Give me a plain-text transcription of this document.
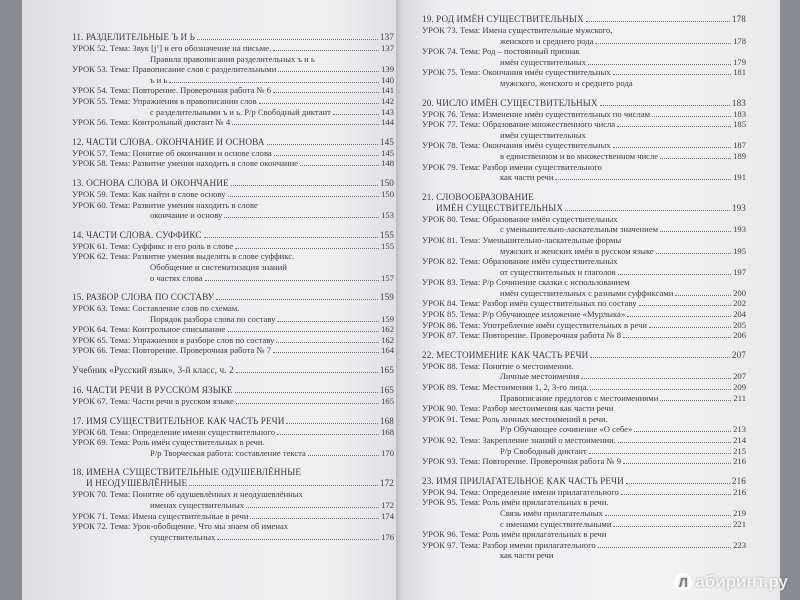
11. РАЗДЕЛИТЕЛЬНЫЕ Ъ И Ь	137
УРОК 52. Тема: Звук [j’] и его обозначение на письме.	137
Правила правописания разделительных ъ и ь
УРОК 53. Тема: Правописание слов с разделительными	139
ъ и ь	140
УРОК 54. Тема: Повторение. Проверочная работа № 6	141
УРОК 55. Тема: Упражнения в правописании слов	142
с разделительными ъ и ь. Р/р Свободный диктант	143
УРОК 56. Тема: Контрольный диктант № 4	144
12. ЧАСТИ СЛОВА. ОКОНЧАНИЕ И ОСНОВА	145
УРОК 57. Тема: Понятие об окончании и основе слова	145
УРОК 58. Тема: Развитие умения находить в слове окончание	148
13. ОСНОВА СЛОВА И ОКОНЧАНИЕ	150
УРОК 59. Тема: Как найти в слове основу	150
УРОК 60. Тема: Развитие умения находить в слове
окончание и основу	153
14. ЧАСТИ СЛОВА. СУФФИКС	155
УРОК 61. Тема: Суффикс и его роль в слове	155
УРОК 62. Тема: Развитие умения выделять в слове суффикс.
Обобщение и систематизация знаний
о частях слова	157
15. РАЗБОР СЛОВА ПО СОСТАВУ	159
УРОК 63. Тема: Составление слов по схемам.
Порядок разбора слова по составу	159
УРОК 64. Тема: Контрольное списывание	162
УРОК 65. Тема: Упражнения в разборе слов по составу	162
УРОК 66. Тема: Повторение. Проверочная работа № 7	164
Учебник «Русский язык», 3-й класс, ч. 2	165
16. ЧАСТИ РЕЧИ В РУССКОМ ЯЗЫКЕ	165
УРОК 67. Тема: Части речи в русском языке	165
17. ИМЯ СУЩЕСТВИТЕЛЬНОЕ КАК ЧАСТЬ РЕЧИ	168
УРОК 68. Тема: Определение имени существительного	168
УРОК 69. Тема: Роль имён существительных в речи.
Р/р Творческая работа: составление текста	170
18. ИМЕНА СУЩЕСТВИТЕЛЬНЫЕ ОДУШЕВЛЁННЫЕ
И НЕОДУШЕВЛЁННЫЕ	172
УРОК 70. Тема: Понятие об одушевлённых и неодушевлённых
именах существительных	172
УРОК 71. Тема: Имена существительные в речи	174
УРОК 72. Тема: Урок-обобщение. Что мы знаем об именах
существительных	176
19. РОД ИМЁН СУЩЕСТВИТЕЛЬНЫХ	178
УРОК 73. Тема: Имена существительные мужского,
женского и среднего рода	178
УРОК 74. Тема: Род – постоянный признак
имён существительных	179
УРОК 75. Тема: Окончания имён существительных	181
мужского, женского и среднего рода
20. ЧИСЛО ИМЁН СУЩЕСТВИТЕЛЬНЫХ	183
УРОК 76. Тема: Изменение имён существительных по числам	183
УРОК 77. Тема: Образование множественного числа	185
имён существительных
УРОК 78. Тема: Окончания имён существительных	187
в единственном и во множественном числе	189
УРОК 79. Тема: Разбор имени существительного
как части речи	191
21. СЛОВООБРАЗОВАНИЕ
ИМЁН СУЩЕСТВИТЕЛЬНЫХ	193
УРОК 80. Тема: Образование имён существительных
с уменьшительно-ласкательным значением	193
УРОК 81. Тема: Уменьшительно-ласкательные формы
мужских и женских имён в русском языке	195
УРОК 82. Тема: Образование имён существительных
от существительных и глаголов	197
УРОК 83. Тема: Р/р Сочинение сказки с использованием
имён существительных с разными суффиксами	200
УРОК 84. Тема: Разбор имён существительных по составу	202
УРОК 85. Тема: Р/р Обучающее изложение «Мурлыка»	204
УРОК 86. Тема: Употребление имён существительных в речи	205
УРОК 87. Тема: Повторение. Проверочная работа № 8	206
22. МЕСТОИМЕНИЕ КАК ЧАСТЬ РЕЧИ	207
УРОК 88. Тема: Понятие о местоимении.
Личные местоимения	207
УРОК 89. Тема: Местоимения 1, 2, 3-го лица.	209
Правописание предлогов с местоимениями	211
УРОК 90. Тема: Разбор местоимения как части речи
УРОК 91. Тема: Роль личных местоимений в речи.
Р/р Обучающее сочинение «О себе»	213
УРОК 92. Тема: Закрепление знаний о местоимении.	214
Р/р Свободный диктант	215
УРОК 93. Тема: Повторение. Проверочная работа № 9	216
23. ИМЯ ПРИЛАГАТЕЛЬНОЕ КАК ЧАСТЬ РЕЧИ	216
УРОК 94. Тема: Определение имени прилагательного	216
УРОК 95. Тема: Роль имён прилагательных в речи.
Связь имён прилагательных	219
с именами существительными	221
УРОК 96. Тема: Роль имён прилагательных в речи
УРОК 97. Тема: Разбор имени прилагательного	223
как части речи
Л абиринт.ру
